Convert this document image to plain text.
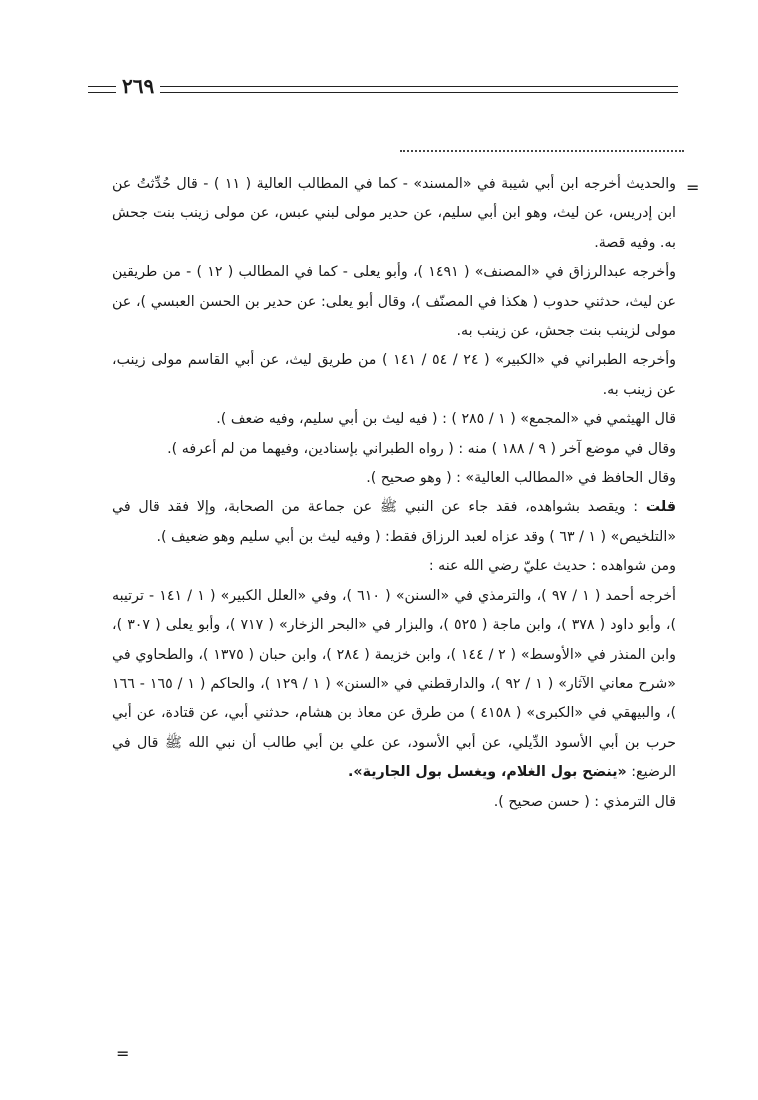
٢٦٩
=

والحديث أخرجه ابن أبي شيبة في «المسند» - كما في المطالب العالية ( ١١ ) - قال حُدِّثتُ عن ابن إدريس، عن ليث، وهو ابن أبي سليم، عن حدير مولى لبني عبس، عن مولى زينب بنت جحش به. وفيه قصة.

وأخرجه عبدالرزاق في «المصنف» ( ١٤٩١ )، وأبو يعلى - كما في المطالب ( ١٢ ) - من طريقين عن ليث، حدثني حدوب ( هكذا في المصنّف )، وقال أبو يعلى: عن حدير بن الحسن العبسي )، عن مولى لزينب بنت جحش، عن زينب به.

وأخرجه الطبراني في «الكبير» ( ٢٤ / ٥٤ / ١٤١ ) من طريق ليث، عن أبي القاسم مولى زينب، عن زينب به.

قال الهيثمي في «المجمع» ( ١ / ٢٨٥ ) : ( فيه ليث بن أبي سليم، وفيه ضعف ).

وقال في موضع آخر ( ٩ / ١٨٨ ) منه : ( رواه الطبراني بإسنادين، وفيهما من لم أعرفه ).

وقال الحافظ في «المطالب العالية» : ( وهو صحيح ).

قلت : ويقصد بشواهده، فقد جاء عن النبي ﷺ عن جماعة من الصحابة، وإلا فقد قال في «التلخيص» ( ١ / ٦٣ ) وقد عزاه لعبد الرزاق فقط: ( وفيه ليث بن أبي سليم وهو ضعيف ).

ومن شواهده : حديث عليّ رضي الله عنه :

أخرجه أحمد ( ١ / ٩٧ )، والترمذي في «السنن» ( ٦١٠ )، وفي «العلل الكبير» ( ١ / ١٤١ - ترتيبه )، وأبو داود ( ٣٧٨ )، وابن ماجة ( ٥٢٥ )، والبزار في «البحر الزخار» ( ٧١٧ )، وأبو يعلى ( ٣٠٧ )، وابن المنذر في «الأوسط» ( ٢ / ١٤٤ )، وابن خزيمة ( ٢٨٤ )، وابن حبان ( ١٣٧٥ )، والطحاوي في «شرح معاني الآثار» ( ١ / ٩٢ )، والدارقطني في «السنن» ( ١ / ١٢٩ )، والحاكم ( ١ / ١٦٥ - ١٦٦ )، والبيهقي في «الكبرى» ( ٤١٥٨ ) من طرق عن معاذ بن هشام، حدثني أبي، عن قتادة، عن أبي حرب بن أبي الأسود الدِّيلي، عن أبي الأسود، عن علي بن أبي طالب أن نبي الله ﷺ قال في الرضيع: «ينضح بول الغلام، ويغسل بول الجارية».

قال الترمذي : ( حسن صحيح ).

=
